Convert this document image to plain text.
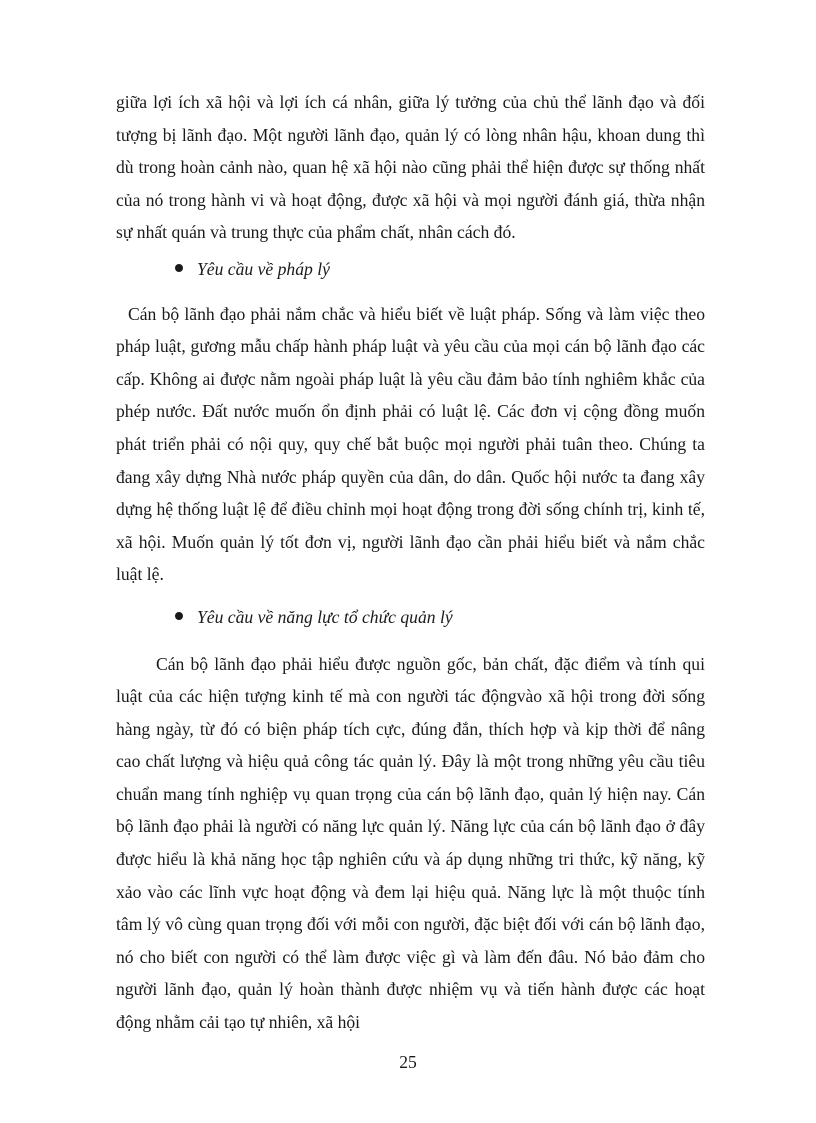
giữa lợi ích xã hội và lợi ích cá nhân, giữa lý tưởng của chủ thể lãnh đạo và đối tượng bị lãnh đạo. Một người lãnh đạo, quản lý có lòng nhân hậu, khoan dung thì dù trong hoàn cảnh nào, quan hệ xã hội nào cũng phải thể hiện được sự thống nhất của nó trong hành vi và hoạt động, được xã hội và mọi người đánh giá, thừa nhận sự nhất quán và trung thực của phẩm chất, nhân cách đó.

Yêu cầu về pháp lý

Cán bộ lãnh đạo phải nắm chắc và hiểu biết về luật pháp. Sống và làm việc theo pháp luật, gương mẫu chấp hành pháp luật và yêu cầu của mọi cán bộ lãnh đạo các cấp. Không ai được nằm ngoài pháp luật là yêu cầu đảm bảo tính nghiêm khắc của phép nước. Đất nước muốn ổn định phải có luật lệ. Các đơn vị cộng đồng muốn phát triển phải có nội quy, quy chế bắt buộc mọi người phải tuân theo. Chúng ta đang xây dựng Nhà nước pháp quyền của dân, do dân. Quốc hội nước ta đang xây dựng hệ thống luật lệ để điều chỉnh mọi hoạt động trong đời sống chính trị, kinh tế, xã hội. Muốn quản lý tốt đơn vị, người lãnh đạo cần phải hiểu biết và nắm chắc luật lệ.

Yêu cầu về năng lực tổ chức quản lý

Cán bộ lãnh đạo phải hiểu được nguồn gốc, bản chất, đặc điểm và tính qui luật của các hiện tượng kinh tế mà con người tác độngvào xã hội trong đời sống hàng ngày, từ đó có biện pháp tích cực, đúng đắn, thích hợp và kịp thời để nâng cao chất lượng và hiệu quả công tác quản lý. Đây là một trong những yêu cầu tiêu chuẩn mang tính nghiệp vụ quan trọng của cán bộ lãnh đạo, quản lý hiện nay. Cán bộ lãnh đạo phải là người có năng lực quản lý. Năng lực của cán bộ lãnh đạo ở đây được hiểu là khả năng học tập nghiên cứu và áp dụng những tri thức, kỹ năng, kỹ xảo vào các lĩnh vực hoạt động và đem lại hiệu quả. Năng lực là một thuộc tính tâm lý vô cùng quan trọng đối với mỗi con người, đặc biệt đối với cán bộ lãnh đạo, nó cho biết con người có thể làm được việc gì và làm đến đâu. Nó bảo đảm cho người lãnh đạo, quản lý hoàn thành được nhiệm vụ và tiến hành được các hoạt động nhằm cải tạo tự nhiên, xã hội

25
